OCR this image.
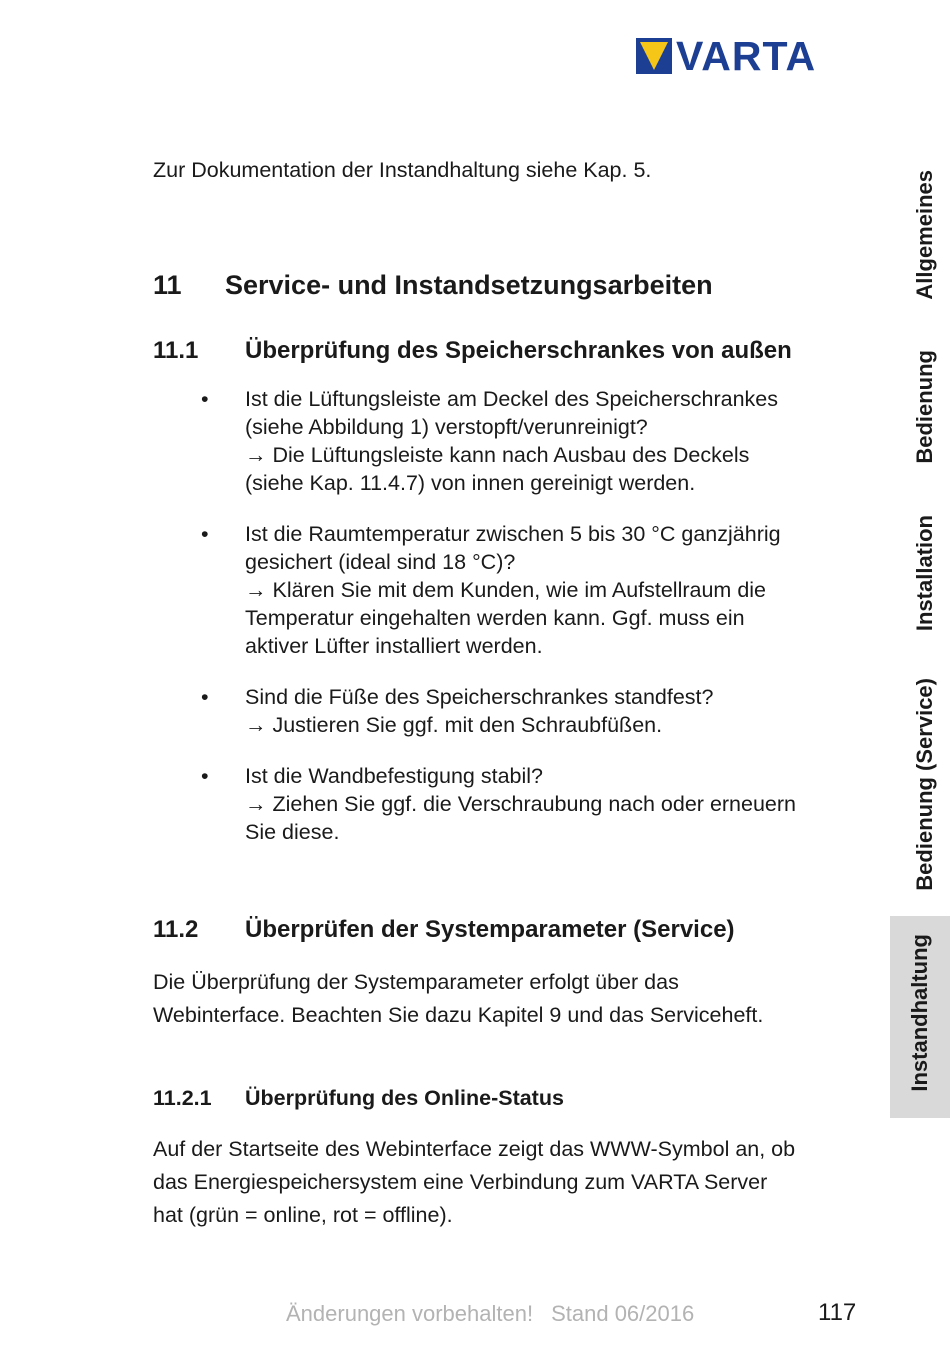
VARTA
Zur Dokumentation der Instandhaltung siehe Kap. 5.
11 Service- und Instandsetzungsarbeiten
11.1 Überprüfung des Speicherschrankes von außen
• Ist die Lüftungsleiste am Deckel des Speicherschrankes
(siehe Abbildung 1) verstopft/verunreinigt?
→ Die Lüftungsleiste kann nach Ausbau des Deckels
(siehe Kap. 11.4.7) von innen gereinigt werden.
• Ist die Raumtemperatur zwischen 5 bis 30 °C ganzjährig
gesichert (ideal sind 18 °C)?
→ Klären Sie mit dem Kunden, wie im Aufstellraum die
Temperatur eingehalten werden kann. Ggf. muss ein
aktiver Lüfter installiert werden.
• Sind die Füße des Speicherschrankes standfest?
→ Justieren Sie ggf. mit den Schraubfüßen.
• Ist die Wandbefestigung stabil?
→ Ziehen Sie ggf. die Verschraubung nach oder erneuern
Sie diese.
11.2 Überprüfen der Systemparameter (Service)
Die Überprüfung der Systemparameter erfolgt über das
Webinterface. Beachten Sie dazu Kapitel 9 und das Serviceheft.
11.2.1 Überprüfung des Online-Status
Auf der Startseite des Webinterface zeigt das WWW-Symbol an, ob
das Energiespeichersystem eine Verbindung zum VARTA Server
hat (grün = online, rot = offline).
Änderungen vorbehalten! Stand 06/2016	117
Allgemeines
Bedienung
Installation
Bedienung (Service)
Instandhaltung
